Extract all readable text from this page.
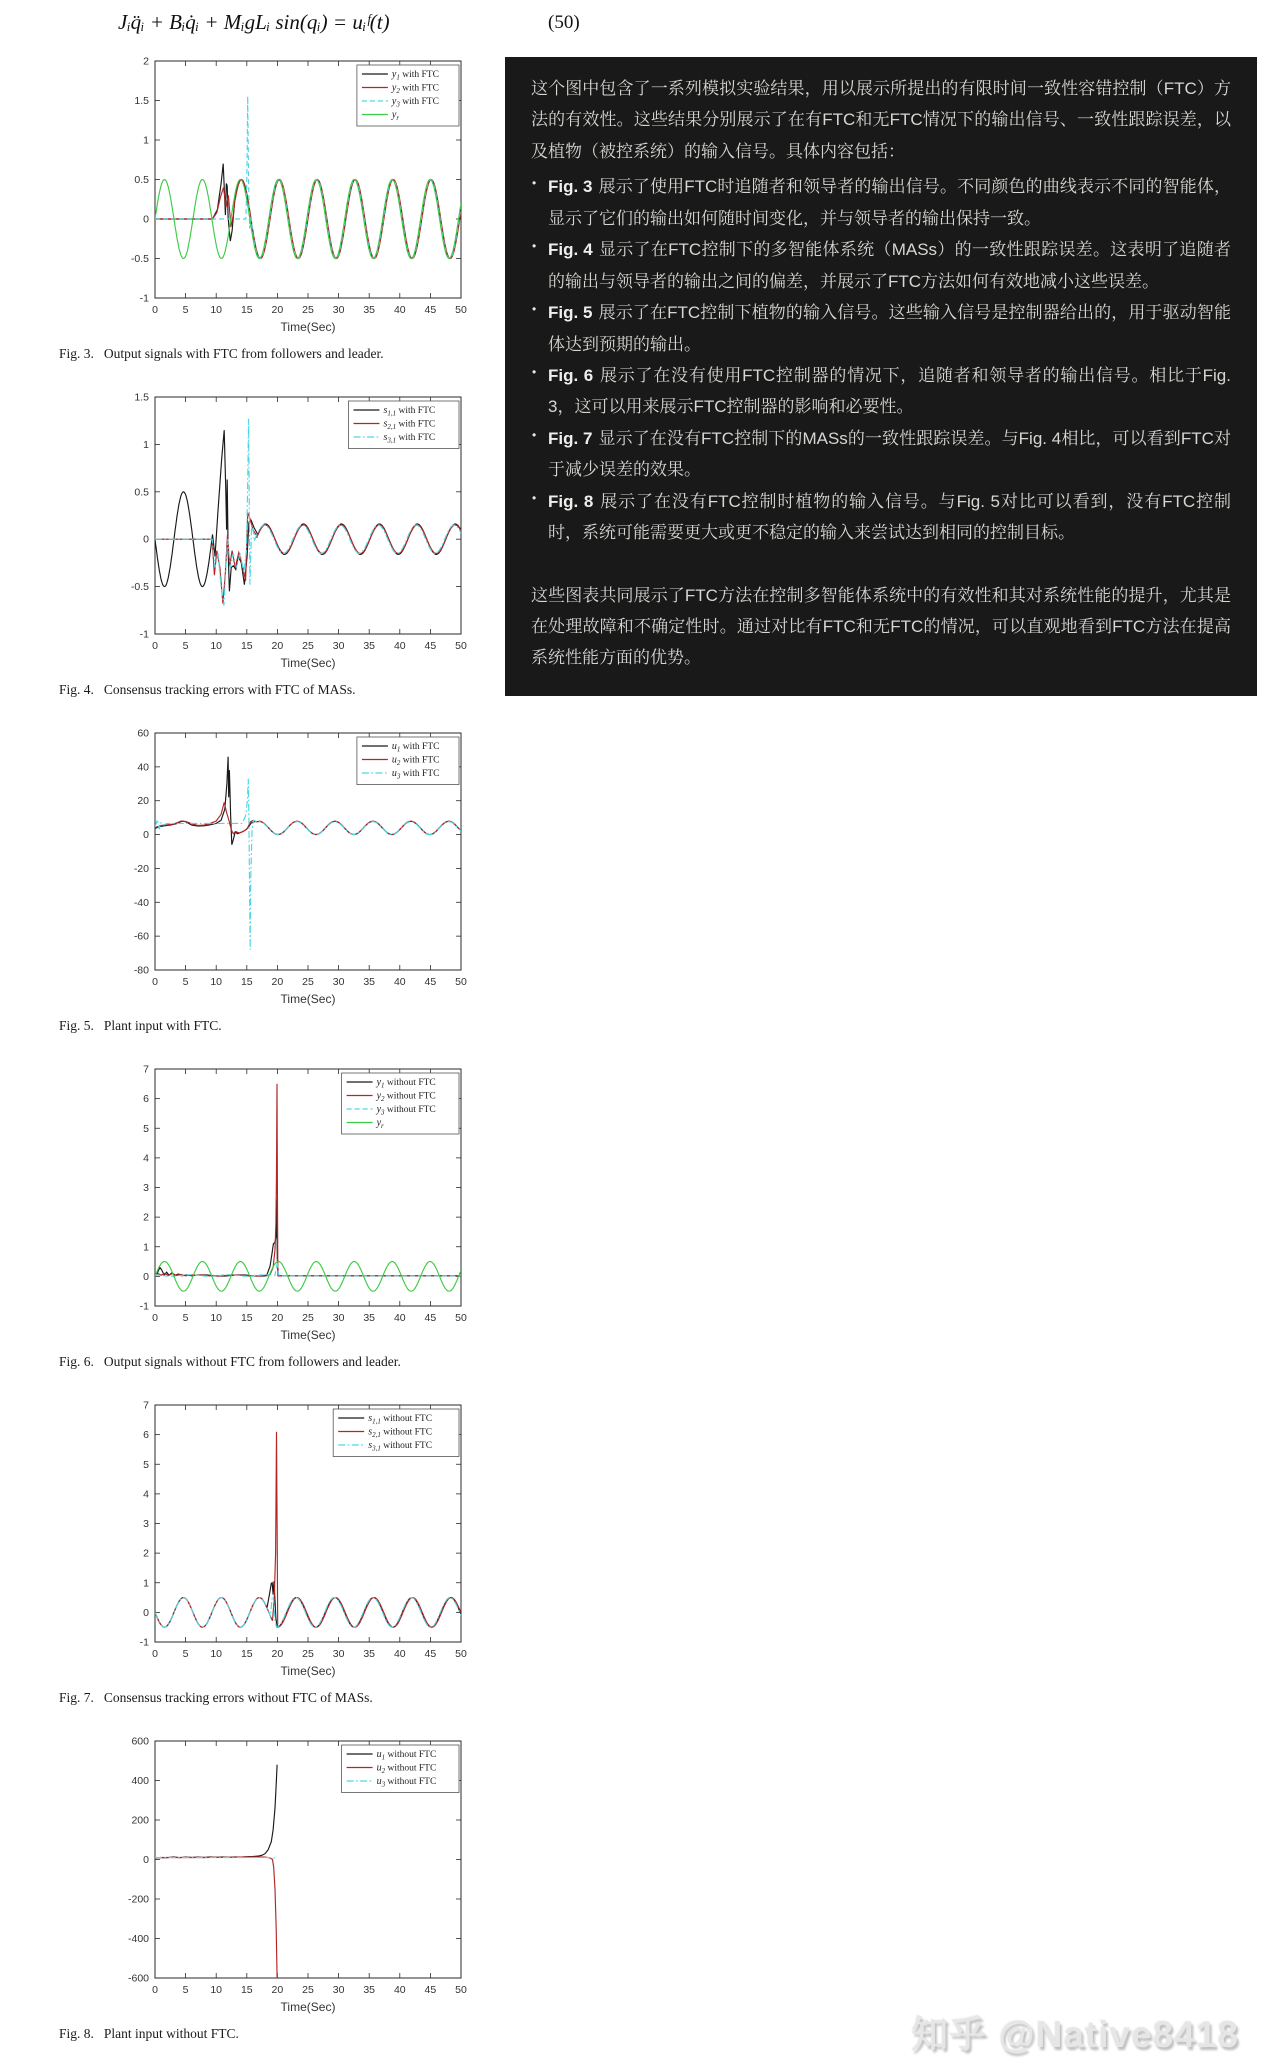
Jᵢq̈ᵢ + Bᵢq̇ᵢ + MᵢgLᵢ sin(qᵢ) = uᵢᶠ(t)	(50)
0 5 10 15 20 25 30 35 40 45 50
2
1.5
1
0.5
0
-0.5
-1
Time(Sec)
$y_1$ with FTC
$y_2$ with FTC
$y_3$ with FTC
$y_r$
Fig. 3. Output signals with FTC from followers and leader.
0 5 10 15 20 25 30 35 40 45 50
1.5
1
0.5
0
-0.5
-1
Time(Sec)
$s_{1,1}$ with FTC
$s_{2,1}$ with FTC
$s_{3,1}$ with FTC
Fig. 4. Consensus tracking errors with FTC of MASs.
0 5 10 15 20 25 30 35 40 45 50
60
40
20
0
-20
-40
-60
-80
Time(Sec)
$u_1$ with FTC
$u_2$ with FTC
$u_3$ with FTC
Fig. 5. Plant input with FTC.
0 5 10 15 20 25 30 35 40 45 50
7
6
5
4
3
2
1
0
-1
Time(Sec)
$y_1$ without FTC
$y_2$ without FTC
$y_3$ without FTC
$y_r$
Fig. 6. Output signals without FTC from followers and leader.
0 5 10 15 20 25 30 35 40 45 50
7
6
5
4
3
2
1
0
-1
Time(Sec)
$s_{1,1}$ without FTC
$s_{2,1}$ without FTC
$s_{3,1}$ without FTC
Fig. 7. Consensus tracking errors without FTC of MASs.
0 5 10 15 20 25 30 35 40 45 50
600
400
200
0
-200
-400
-600
Time(Sec)
$u_1$ without FTC
$u_2$ without FTC
$u_3$ without FTC
Fig. 8. Plant input without FTC.

这个图中包含了一系列模拟实验结果，用以展示所提出的有限时间一致性容错控制（FTC）方法的有效性。这些结果分别展示了在有FTC和无FTC情况下的输出信号、一致性跟踪误差，以及植物（被控系统）的输入信号。具体内容包括：

• Fig. 3 展示了使用FTC时追随者和领导者的输出信号。不同颜色的曲线表示不同的智能体，显示了它们的输出如何随时间变化，并与领导者的输出保持一致。
• Fig. 4 显示了在FTC控制下的多智能体系统（MASs）的一致性跟踪误差。这表明了追随者的输出与领导者的输出之间的偏差，并展示了FTC方法如何有效地减小这些误差。
• Fig. 5 展示了在FTC控制下植物的输入信号。这些输入信号是控制器给出的，用于驱动智能体达到预期的输出。
• Fig. 6 展示了在没有使用FTC控制器的情况下，追随者和领导者的输出信号。相比于Fig. 3，这可以用来展示FTC控制器的影响和必要性。
• Fig. 7 显示了在没有FTC控制下的MASs的一致性跟踪误差。与Fig. 4相比，可以看到FTC对于减少误差的效果。
• Fig. 8 展示了在没有FTC控制时植物的输入信号。与Fig. 5对比可以看到，没有FTC控制时，系统可能需要更大或更不稳定的输入来尝试达到相同的控制目标。

这些图表共同展示了FTC方法在控制多智能体系统中的有效性和其对系统性能的提升，尤其是在处理故障和不确定性时。通过对比有FTC和无FTC的情况，可以直观地看到FTC方法在提高系统性能方面的优势。

知乎 @Native8418
